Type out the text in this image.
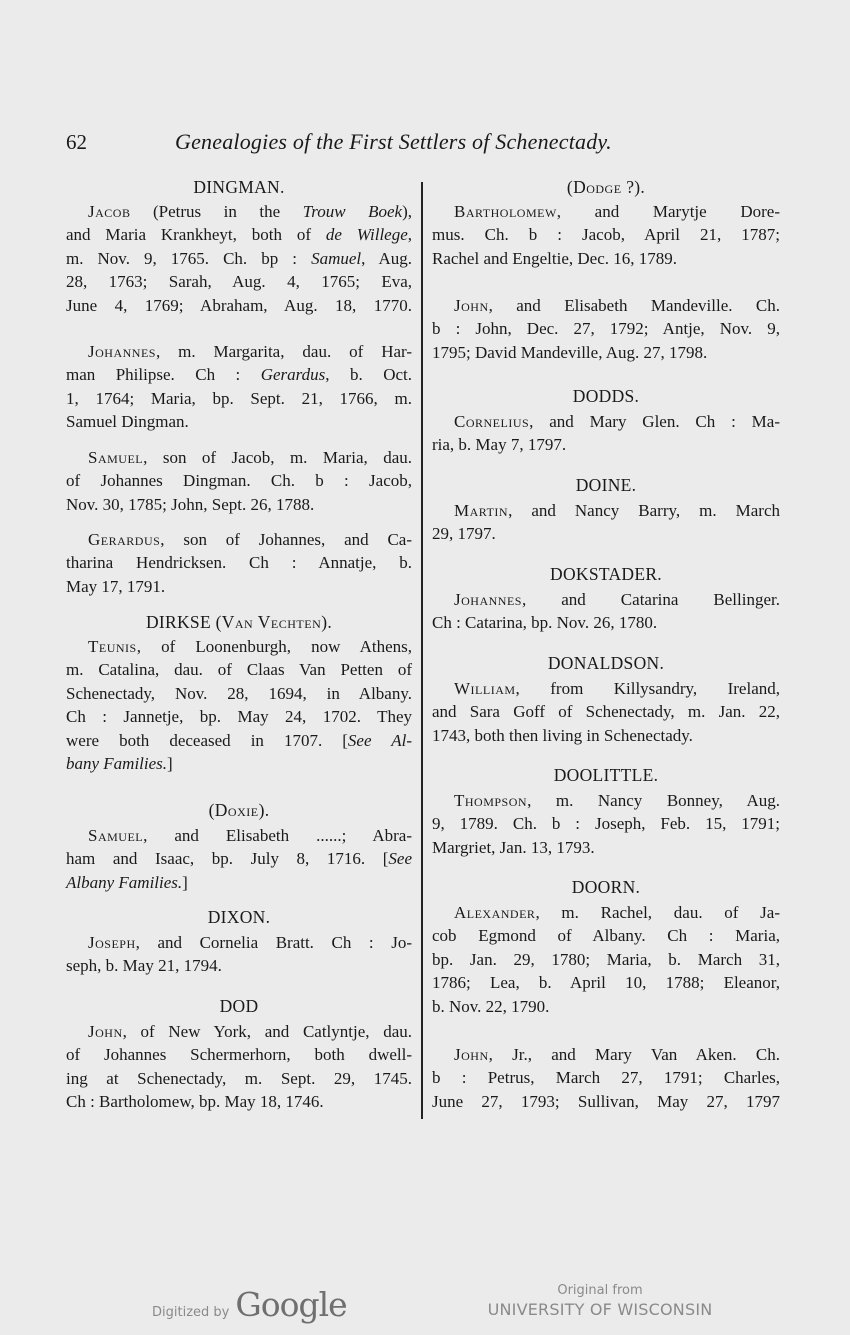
62	Genealogies of the First Settlers of Schenectady.
DINGMAN.
Jacob (Petrus in the Trouw Boek),
and Maria Krankheyt, both of de Willege,
m. Nov. 9, 1765. Ch. bp : Samuel, Aug.
28, 1763; Sarah, Aug. 4, 1765; Eva,
June 4, 1769; Abraham, Aug. 18, 1770.
Johannes, m. Margarita, dau. of Har-
man Philipse. Ch : Gerardus, b. Oct.
1, 1764; Maria, bp. Sept. 21, 1766, m.
Samuel Dingman.
Samuel, son of Jacob, m. Maria, dau.
of Johannes Dingman. Ch. b : Jacob,
Nov. 30, 1785; John, Sept. 26, 1788.
Gerardus, son of Johannes, and Ca-
tharina Hendricksen. Ch : Annatje, b.
May 17, 1791.
DIRKSE (Van Vechten).
Teunis, of Loonenburgh, now Athens,
m. Catalina, dau. of Claas Van Petten of
Schenectady, Nov. 28, 1694, in Albany.
Ch : Jannetje, bp. May 24, 1702. They
were both deceased in 1707. [See Al-
bany Families.]
(Doxie).
Samuel, and Elisabeth ......; Abra-
ham and Isaac, bp. July 8, 1716. [See
Albany Families.]
DIXON.
Joseph, and Cornelia Bratt. Ch : Jo-
seph, b. May 21, 1794.
DOD
John, of New York, and Catlyntje, dau.
of Johannes Schermerhorn, both dwell-
ing at Schenectady, m. Sept. 29, 1745.
Ch : Bartholomew, bp. May 18, 1746.
(Dodge ?).
Bartholomew, and Marytje Dore-
mus. Ch. b : Jacob, April 21, 1787;
Rachel and Engeltie, Dec. 16, 1789.
John, and Elisabeth Mandeville. Ch.
b : John, Dec. 27, 1792; Antje, Nov. 9,
1795; David Mandeville, Aug. 27, 1798.
DODDS.
Cornelius, and Mary Glen. Ch : Ma-
ria, b. May 7, 1797.
DOINE.
Martin, and Nancy Barry, m. March
29, 1797.
DOKSTADER.
Johannes, and Catarina Bellinger.
Ch : Catarina, bp. Nov. 26, 1780.
DONALDSON.
William, from Killysandry, Ireland,
and Sara Goff of Schenectady, m. Jan. 22,
1743, both then living in Schenectady.
DOOLITTLE.
Thompson, m. Nancy Bonney, Aug.
9, 1789. Ch. b : Joseph, Feb. 15, 1791;
Margriet, Jan. 13, 1793.
DOORN.
Alexander, m. Rachel, dau. of Ja-
cob Egmond of Albany. Ch : Maria,
bp. Jan. 29, 1780; Maria, b. March 31,
1786; Lea, b. April 10, 1788; Eleanor,
b. Nov. 22, 1790.
John, Jr., and Mary Van Aken. Ch.
b : Petrus, March 27, 1791; Charles,
June 27, 1793; Sullivan, May 27, 1797
Digitized by Google	Original from
UNIVERSITY OF WISCONSIN
